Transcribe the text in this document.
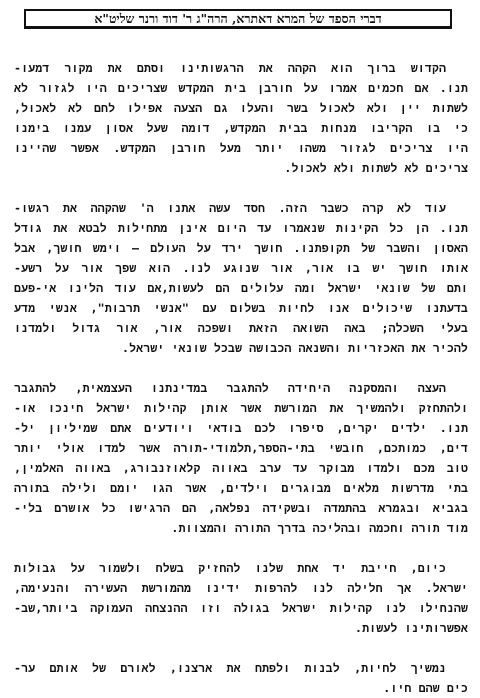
דברי הספד של המרא דאתרא, הרה"ג ר' דוד ורנר שליט"א
הקדוש ברוך הוא הקהה את הרגשותינו וסתם את מקור דמעו-
תנו. אם חכמים אמרו על חורבן בית המקדש שצריכים היו לגזור לא
לשתות יין ולא לאכול בשר והעלו גם הצעה אפילו לחם לא לאכול,
כי בו הקריבו מנחות בבית המקדש, דומה שעל אסון עמנו ביִמנו
היו צריכים לגזור משהו יותר מעל חורבן המקדש. אפשר שהיינו
צריכים לא לשתות ולא לאכול.
עוד לא קרה כשבר הזה. חסד עשה אתנו ה' שהקהה את רגשו-
תנו. הן כל הקינות שנאמרו עד היום אינן מתחילות לבטא את גודל
האסון והשבר של תקופתנו. חושך ירד על העולם – וימש חושך, אבל
אותו חושך יש בו אור, אור שנוגע לנו. הוא שפך אור על רשע-
ותם של שונאי ישראל ומה עלולים הם לעשות,אם עוד הלינו אי-פעם
בדעתנו שיכולים אנו לחיות בשלום עם "אנשי תרבות", אנשי מדע
בעלי השכלה; באה השואה הזאת ושפכה אור, אור גדול ולמדנו
להכיר את האכזריות והשנאה הכבושה שבכל שונאי ישראל.
העצה והמסקנה היחידה להתגבר במדינתנו העצמאית, להתגבר
ולהתחזק ולהמשיך את המורשת אשר אותן קהילות ישראל חינכו או-
תנו. ילדים יקרים, סיפרו לכם בודאי ויודעים אתם שמיליון יל-
דים, כמותכם, חובשי בתי-הספר,תלמודי-תורה אשר למדו אולי יותר
טוב מכם ולמדו מבוקר עד ערב באווה קלאוזנבורג, באווה האלמין,
בתי מדרשות מלאים מבוגרים וילדים, אשר הגו יומם ולילה בתורה
בגביא ובגמרא בהתמדה ובשקידה נפלאה, הם הרגישו כל אושרם בלי-
מוד תורה וחכמה ובהליכה בדרך התורה והמצוות.
כיום, חייבת יד אחת שלנו להחזיק בשלח ולשמור על גבולות
ישראל. אך חלילה לנו להרפות ידינו מהמורשת העשירה והנעימה,
שהנחילו לנו קהילות ישראל בגולה וזו ההנצחה העמוקה ביותר,שב-
אפשרותינו לעשות.
נמשיך לחיות, לבנות ולפתח את ארצנו, לאורם של אותם ער-
כים שהם חיו.
